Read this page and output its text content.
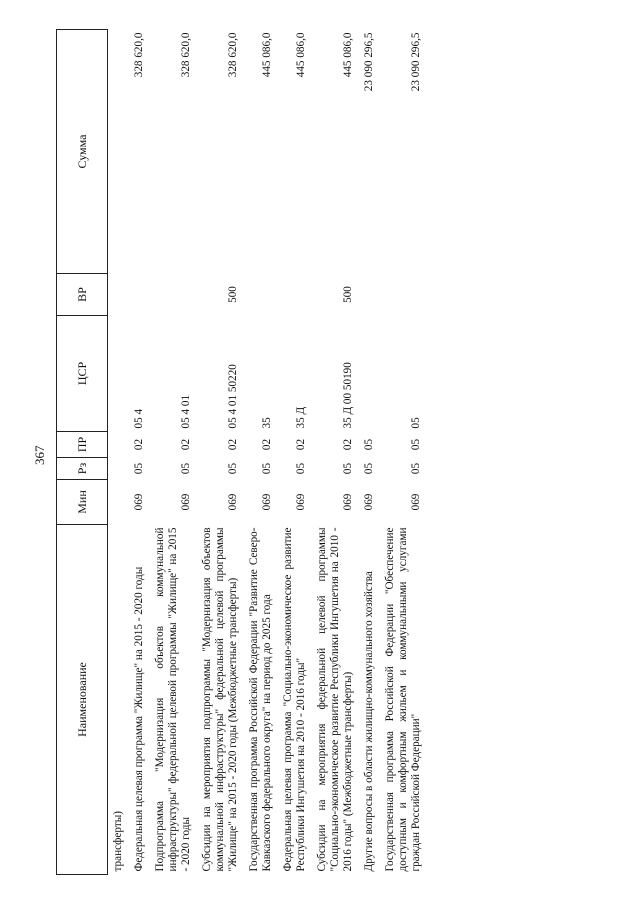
367
Наименование	Мин	Рз	ПР	ЦСР	ВР	Сумма
трансферты)						
Федеральная целевая программа "Жилище" на 2015 - 2020 годы	069	05	02	05 4		328 620,0
Подпрограмма "Модернизация объектов коммунальной инфраструктуры" федеральной целевой программы "Жилище" на 2015 - 2020 годы	069	05	02	05 4 01		328 620,0
Субсидии на мероприятия подпрограммы "Модернизация объектов коммунальной инфраструктуры" федеральной целевой программы "Жилище" на 2015 - 2020 годы (Межбюджетные трансферты)	069	05	02	05 4 01 50220	500	328 620,0
Государственная программа Российской Федерации "Развитие Северо-Кавказского федерального округа" на период до 2025 года	069	05	02	35		445 086,0
Федеральная целевая программа "Социально-экономическое развитие Республики Ингушетия на 2010 - 2016 годы"	069	05	02	35 Д		445 086,0
Субсидии на мероприятия федеральной целевой программы "Социально-экономическое развитие Республики Ингушетия на 2010 - 2016 годы" (Межбюджетные трансферты)	069	05	02	35 Д 00 50190	500	445 086,0
Другие вопросы в области жилищно-коммунального хозяйства	069	05	05			23 090 296,5
Государственная программа Российской Федерации "Обеспечение доступным и комфортным жильем и коммунальными услугами граждан Российской Федерации"	069	05	05	05		23 090 296,5
